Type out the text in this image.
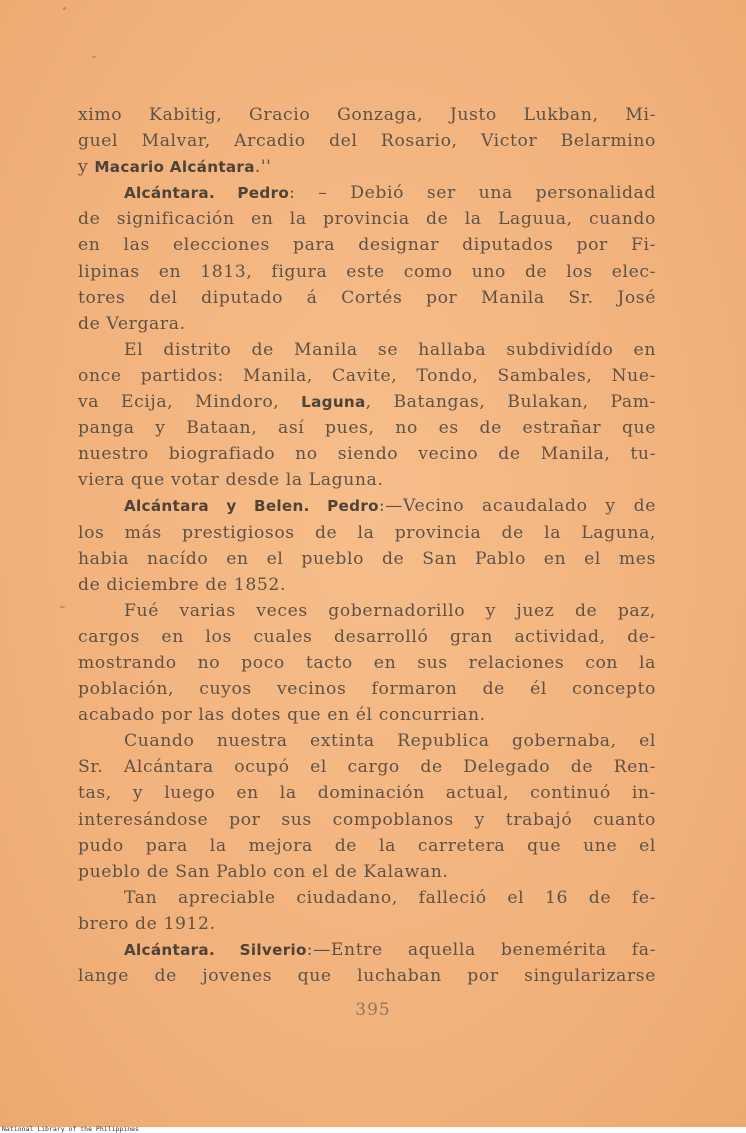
ximo Kabitig, Gracio Gonzaga, Justo Lukban, Mi-
guel Malvar, Arcadio del Rosario, Victor Belarmino
y Macario Alcántara.''
Alcántara. Pedro: – Debió ser una personalidad
de significación en la provincia de la Laguua, cuando
en las elecciones para designar diputados por Fi-
lipinas en 1813, figura este como uno de los elec-
tores del diputado á Cortés por Manila Sr. José
de Vergara.
El distrito de Manila se hallaba subdividído en
once partidos: Manila, Cavite, Tondo, Sambales, Nue-
va Ecija, Mindoro, Laguna, Batangas, Bulakan, Pam-
panga y Bataan, así pues, no es de estrañar que
nuestro biografiado no siendo vecino de Manila, tu-
viera que votar desde la Laguna.
Alcántara y Belen. Pedro:—Vecino acaudalado y de
los más prestigiosos de la provincia de la Laguna,
habia nacído en el pueblo de San Pablo en el mes
de diciembre de 1852.
Fué varias veces gobernadorillo y juez de paz,
cargos en los cuales desarrolló gran actividad, de-
mostrando no poco tacto en sus relaciones con la
población, cuyos vecinos formaron de él concepto
acabado por las dotes que en él concurrian.
Cuando nuestra extinta Republica gobernaba, el
Sr. Alcántara ocupó el cargo de Delegado de Ren-
tas, y luego en la dominación actual, continuó in-
interesándose por sus compoblanos y trabajó cuanto
pudo para la mejora de la carretera que une el
pueblo de San Pablo con el de Kalawan.
Tan apreciable ciudadano, falleció el 16 de fe-
brero de 1912.
Alcántara. Silverio:—Entre aquella benemérita fa-
lange de jovenes que luchaban por singularizarse
395
National Library of the Philippines
